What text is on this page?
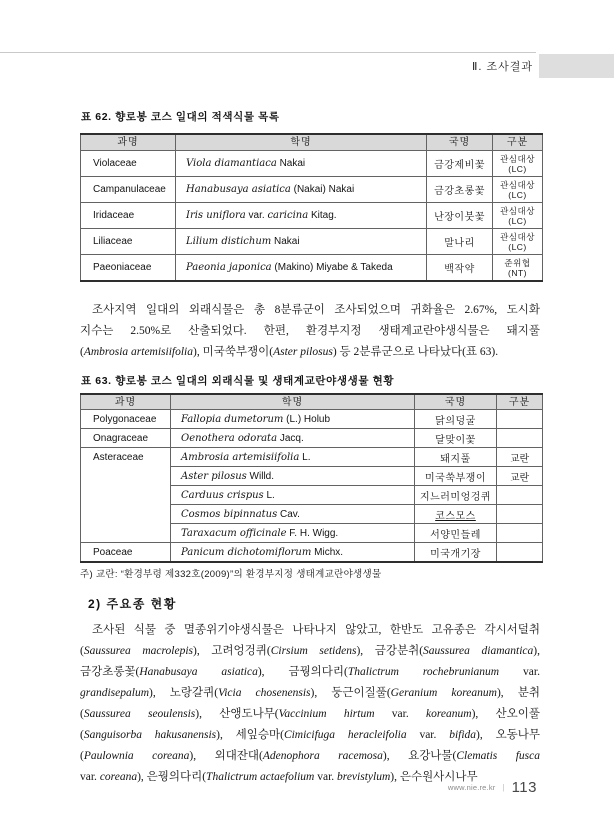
Ⅱ. 조사결과
표 62. 향로봉 코스 일대의 적색식물 목록
과명	학명	국명	구분
Violaceae	Viola diamantiaca Nakai	금강제비꽃	관심대상
(LC)

Campanulaceae	Hanabusaya asiatica (Nakai) Nakai	금강초롱꽃	관심대상
(LC)

Iridaceae	Iris uniflora var. caricina Kitag.	난장이붓꽃	관심대상
(LC)

Liliaceae	Lilium distichum Nakai	말나리	관심대상
(LC)

Paeoniaceae	Paeonia japonica (Makino) Miyabe & Takeda	백작약	준위협
(NT)
조사지역 일대의 외래식물은 총 8분류군이 조사되었으며 귀화율은 2.67%, 도시화
지수는 2.50%로 산출되었다. 한편, 환경부지정 생태계교란야생식물은 돼지풀
(Ambrosia artemisiifolia), 미국쑥부쟁이(Aster pilosus) 등 2분류군으로 나타났다(표 63).
표 63. 향로봉 코스 일대의 외래식물 및 생태계교란야생생물 현황
과명	학명	국명	구분
Polygonaceae	Fallopia dumetorum (L.) Holub	닭의덩굴	
Onagraceae	Oenothera odorata Jacq.	달맞이꽃	
Asteraceae	Ambrosia artemisiifolia L.	돼지풀	교란
	Aster pilosus Willd.	미국쑥부쟁이	교란
	Carduus crispus L.	지느러미엉겅퀴	
	Cosmos bipinnatus Cav.	코스모스	
	Taraxacum officinale F. H. Wigg.	서양민들레	
Poaceae	Panicum dichotomiflorum Michx.	미국개기장	
주) 교란: “환경부령 제332호(2009)”의 환경부지정 생태계교란야생생물
2) 주요종 현황
조사된 식물 중 멸종위기야생식물은 나타나지 않았고, 한반도 고유종은 각시서덜취
(Saussurea macrolepis), 고려엉겅퀴(Cirsium setidens), 금강분취(Saussurea diamantica),
금강초롱꽃(Hanabusaya asiatica), 금꿩의다리(Thalictrum rochebrunianum var.
grandisepalum), 노랑갈퀴(Vicia chosenensis), 둥근이질풀(Geranium koreanum), 분취
(Saussurea seoulensis), 산앵도나무(Vaccinium hirtum var. koreanum), 산오이풀
(Sanguisorba hakusanensis), 세잎승마(Cimicifuga heracleifolia var. bifida), 오동나무
(Paulownia coreana), 외대잔대(Adenophora racemosa), 요강나물(Clematis fusca
var. coreana), 은꿩의다리(Thalictrum actaefolium var. brevistylum), 은수원사시나무
www.nie.re.kr | 113
